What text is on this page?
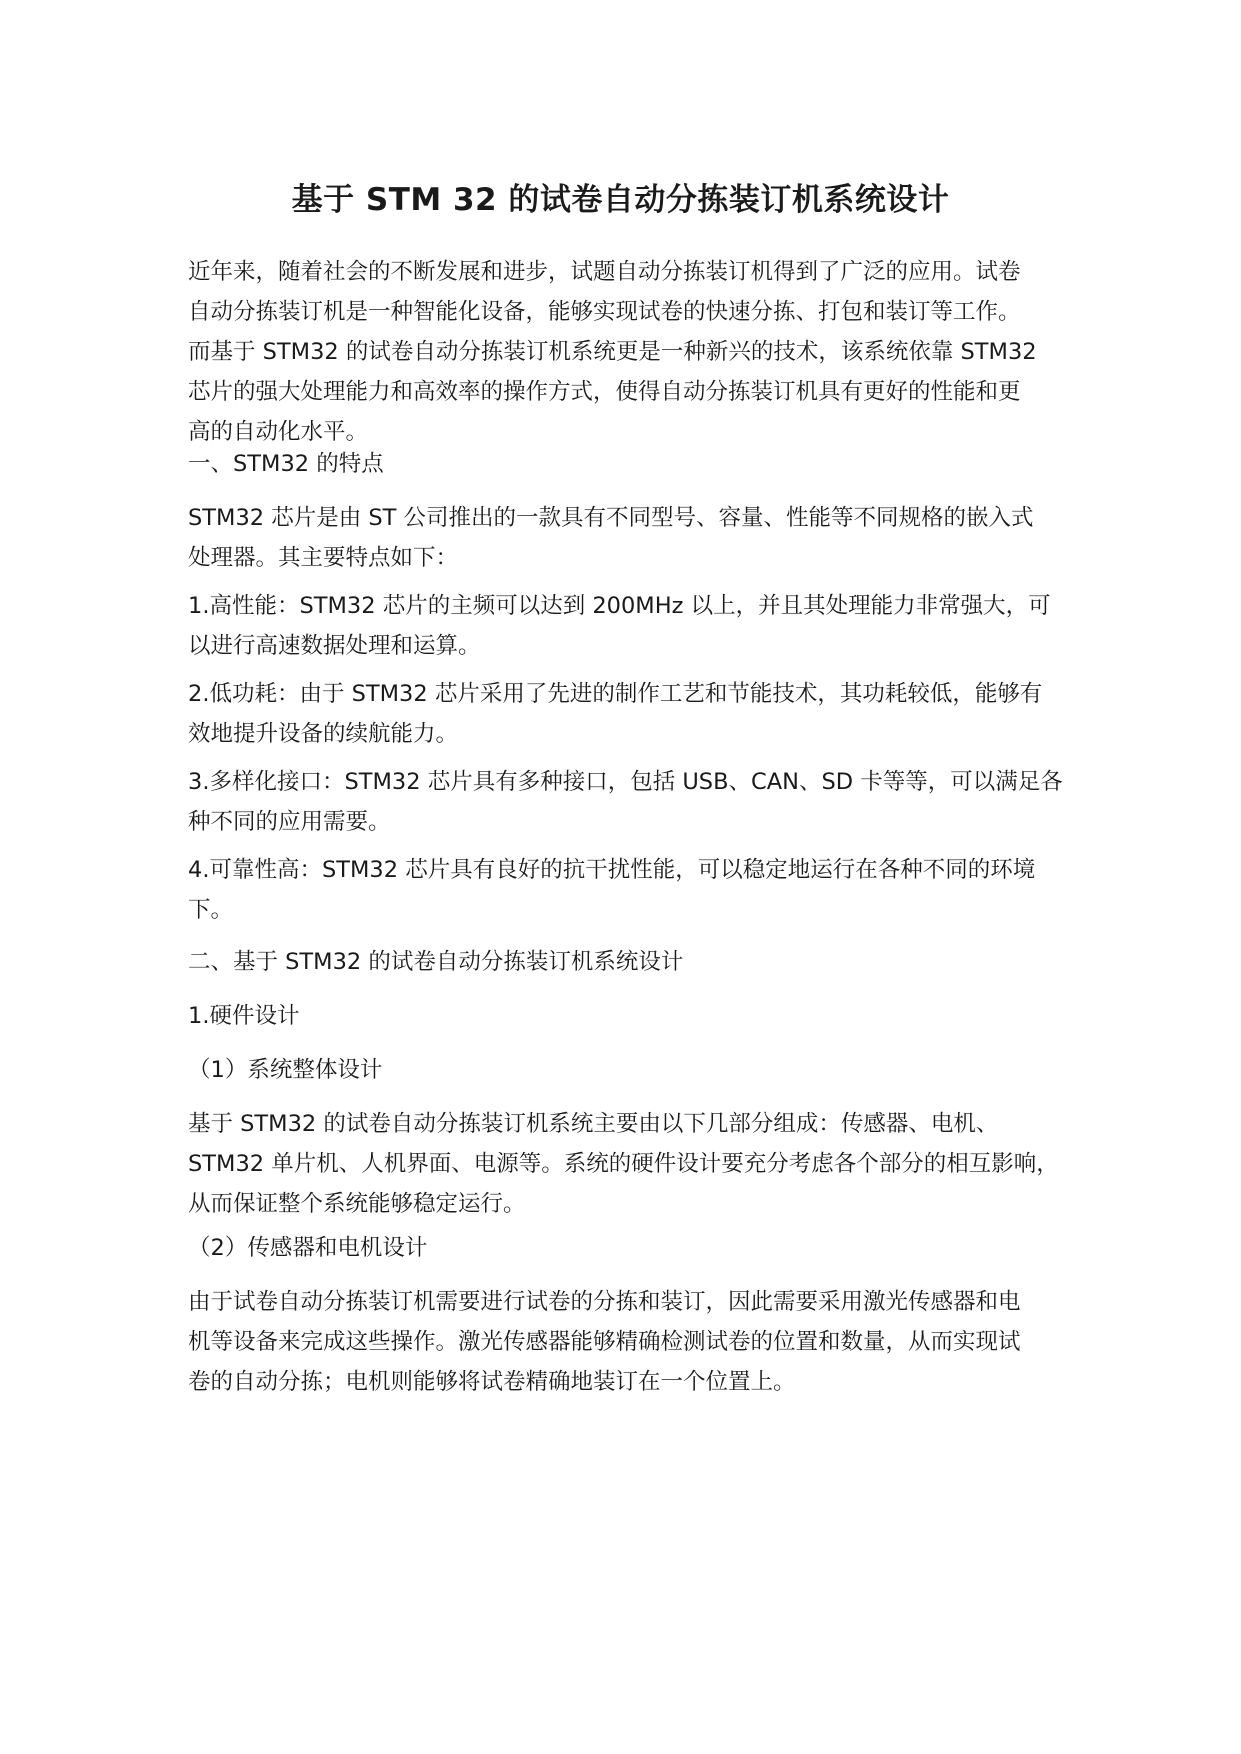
基于 STM 32 的试卷自动分拣装订机系统设计

近年来，随着社会的不断发展和进步，试题自动分拣装订机得到了广泛的应用。试卷
自动分拣装订机是一种智能化设备，能够实现试卷的快速分拣、打包和装订等工作。
而基于 STM32 的试卷自动分拣装订机系统更是一种新兴的技术，该系统依靠 STM32
芯片的强大处理能力和高效率的操作方式，使得自动分拣装订机具有更好的性能和更
高的自动化水平。

一、STM32 的特点

STM32 芯片是由 ST 公司推出的一款具有不同型号、容量、性能等不同规格的嵌入式
处理器。其主要特点如下：

1.高性能：STM32 芯片的主频可以达到 200MHz 以上，并且其处理能力非常强大，可
以进行高速数据处理和运算。

2.低功耗：由于 STM32 芯片采用了先进的制作工艺和节能技术，其功耗较低，能够有
效地提升设备的续航能力。

3.多样化接口：STM32 芯片具有多种接口，包括 USB、CAN、SD 卡等等，可以满足各
种不同的应用需要。

4.可靠性高：STM32 芯片具有良好的抗干扰性能，可以稳定地运行在各种不同的环境
下。

二、基于 STM32 的试卷自动分拣装订机系统设计

1.硬件设计

（1）系统整体设计

基于 STM32 的试卷自动分拣装订机系统主要由以下几部分组成：传感器、电机、
STM32 单片机、人机界面、电源等。系统的硬件设计要充分考虑各个部分的相互影响，
从而保证整个系统能够稳定运行。

（2）传感器和电机设计

由于试卷自动分拣装订机需要进行试卷的分拣和装订，因此需要采用激光传感器和电
机等设备来完成这些操作。激光传感器能够精确检测试卷的位置和数量，从而实现试
卷的自动分拣；电机则能够将试卷精确地装订在一个位置上。
